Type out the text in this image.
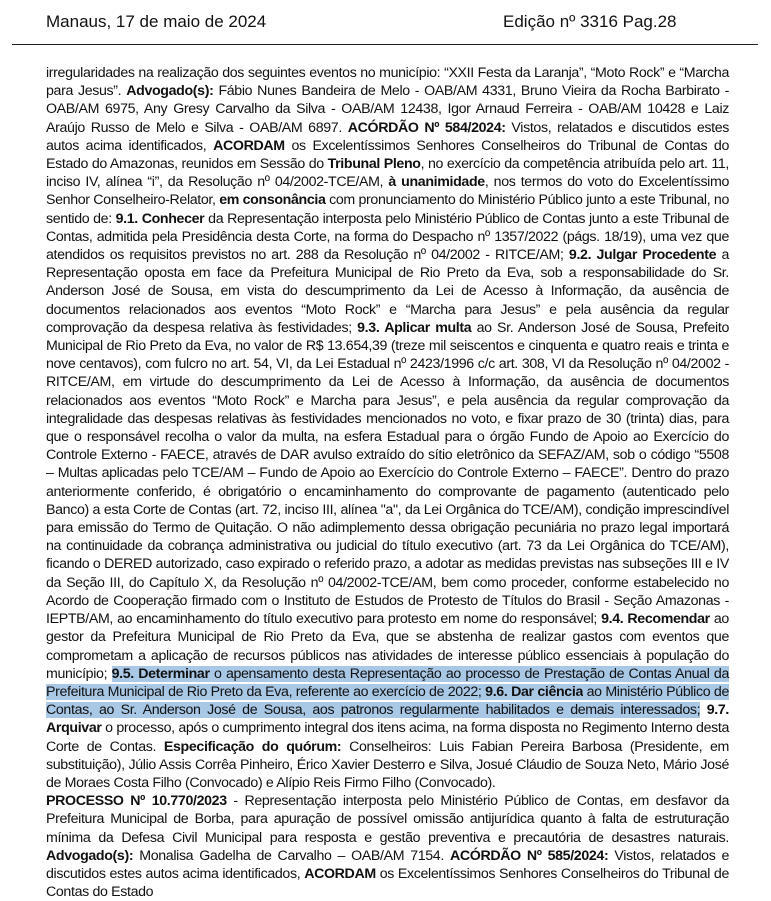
Manaus, 17 de maio de 2024	Edição nº 3316 Pag.28

irregularidades na realização dos seguintes eventos no município: “XXII Festa da Laranja”, “Moto Rock” e “Marcha para Jesus”. Advogado(s): Fábio Nunes Bandeira de Melo - OAB/AM 4331, Bruno Vieira da Rocha Barbirato - OAB/AM 6975, Any Gresy Carvalho da Silva - OAB/AM 12438, Igor Arnaud Ferreira - OAB/AM 10428 e Laiz Araújo Russo de Melo e Silva - OAB/AM 6897. ACÓRDÃO Nº 584/2024: Vistos, relatados e discutidos estes autos acima identificados, ACORDAM os Excelentíssimos Senhores Conselheiros do Tribunal de Contas do Estado do Amazonas, reunidos em Sessão do Tribunal Pleno, no exercício da competência atribuída pelo art. 11, inciso IV, alínea “i”, da Resolução nº 04/2002-TCE/AM, à unanimidade, nos termos do voto do Excelentíssimo Senhor Conselheiro-Relator, em consonância com pronunciamento do Ministério Público junto a este Tribunal, no sentido de: 9.1. Conhecer da Representação interposta pelo Ministério Público de Contas junto a este Tribunal de Contas, admitida pela Presidência desta Corte, na forma do Despacho nº 1357/2022 (págs. 18/19), uma vez que atendidos os requisitos previstos no art. 288 da Resolução nº 04/2002 - RITCE/AM; 9.2. Julgar Procedente a Representação oposta em face da Prefeitura Municipal de Rio Preto da Eva, sob a responsabilidade do Sr. Anderson José de Sousa, em vista do descumprimento da Lei de Acesso à Informação, da ausência de documentos relacionados aos eventos “Moto Rock” e “Marcha para Jesus” e pela ausência da regular comprovação da despesa relativa às festividades; 9.3. Aplicar multa ao Sr. Anderson José de Sousa, Prefeito Municipal de Rio Preto da Eva, no valor de R$ 13.654,39 (treze mil seiscentos e cinquenta e quatro reais e trinta e nove centavos), com fulcro no art. 54, VI, da Lei Estadual nº 2423/1996 c/c art. 308, VI da Resolução nº 04/2002 - RITCE/AM, em virtude do descumprimento da Lei de Acesso à Informação, da ausência de documentos relacionados aos eventos “Moto Rock” e Marcha para Jesus”, e pela ausência da regular comprovação da integralidade das despesas relativas às festividades mencionados no voto, e fixar prazo de 30 (trinta) dias, para que o responsável recolha o valor da multa, na esfera Estadual para o órgão Fundo de Apoio ao Exercício do Controle Externo - FAECE, através de DAR avulso extraído do sítio eletrônico da SEFAZ/AM, sob o código “5508 – Multas aplicadas pelo TCE/AM – Fundo de Apoio ao Exercício do Controle Externo – FAECE”. Dentro do prazo anteriormente conferido, é obrigatório o encaminhamento do comprovante de pagamento (autenticado pelo Banco) a esta Corte de Contas (art. 72, inciso III, alínea "a", da Lei Orgânica do TCE/AM), condição imprescindível para emissão do Termo de Quitação. O não adimplemento dessa obrigação pecuniária no prazo legal importará na continuidade da cobrança administrativa ou judicial do título executivo (art. 73 da Lei Orgânica do TCE/AM), ficando o DERED autorizado, caso expirado o referido prazo, a adotar as medidas previstas nas subseções III e IV da Seção III, do Capítulo X, da Resolução nº 04/2002-TCE/AM, bem como proceder, conforme estabelecido no Acordo de Cooperação firmado com o Instituto de Estudos de Protesto de Títulos do Brasil - Seção Amazonas - IEPTB/AM, ao encaminhamento do título executivo para protesto em nome do responsável; 9.4. Recomendar ao gestor da Prefeitura Municipal de Rio Preto da Eva, que se abstenha de realizar gastos com eventos que comprometam a aplicação de recursos públicos nas atividades de interesse público essenciais à população do município; 9.5. Determinar o apensamento desta Representação ao processo de Prestação de Contas Anual da Prefeitura Municipal de Rio Preto da Eva, referente ao exercício de 2022; 9.6. Dar ciência ao Ministério Público de Contas, ao Sr. Anderson José de Sousa, aos patronos regularmente habilitados e demais interessados; 9.7. Arquivar o processo, após o cumprimento integral dos itens acima, na forma disposta no Regimento Interno desta Corte de Contas. Especificação do quórum: Conselheiros: Luis Fabian Pereira Barbosa (Presidente, em substituição), Júlio Assis Corrêa Pinheiro, Érico Xavier Desterro e Silva, Josué Cláudio de Souza Neto, Mário José de Moraes Costa Filho (Convocado) e Alípio Reis Firmo Filho (Convocado).

PROCESSO Nº 10.770/2023 - Representação interposta pelo Ministério Público de Contas, em desfavor da Prefeitura Municipal de Borba, para apuração de possível omissão antijurídica quanto à falta de estruturação mínima da Defesa Civil Municipal para resposta e gestão preventiva e precautória de desastres naturais. Advogado(s): Monalisa Gadelha de Carvalho – OAB/AM 7154. ACÓRDÃO Nº 585/2024: Vistos, relatados e discutidos estes autos acima identificados, ACORDAM os Excelentíssimos Senhores Conselheiros do Tribunal de Contas do Estado
